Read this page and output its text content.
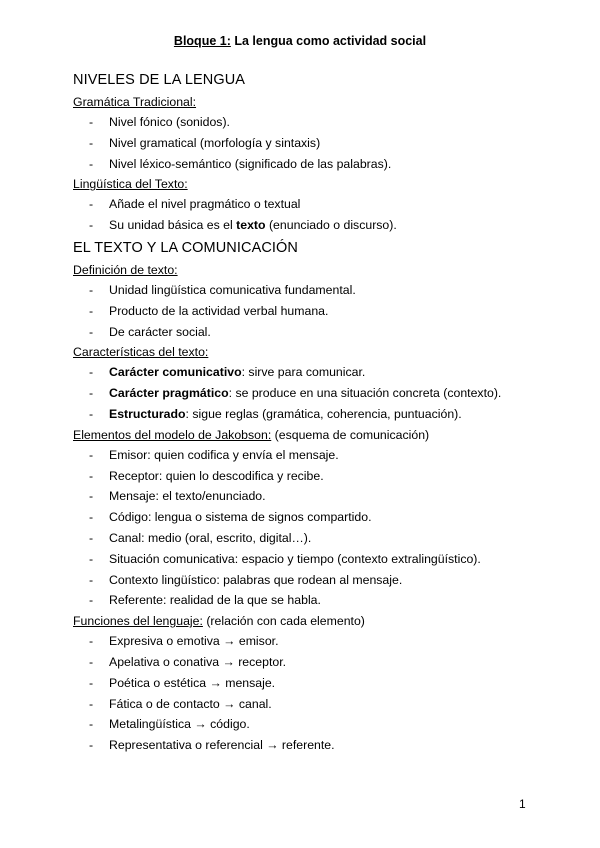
Bloque 1: La lengua como actividad social
NIVELES DE LA LENGUA
Gramática Tradicional:
- Nivel fónico (sonidos).
- Nivel gramatical (morfología y sintaxis)
- Nivel léxico-semántico (significado de las palabras).
Lingüística del Texto:
- Añade el nivel pragmático o textual
- Su unidad básica es el texto (enunciado o discurso).
EL TEXTO Y LA COMUNICACIÓN
Definición de texto:
- Unidad lingüística comunicativa fundamental.
- Producto de la actividad verbal humana.
- De carácter social.
Características del texto:
- Carácter comunicativo: sirve para comunicar.
- Carácter pragmático: se produce en una situación concreta (contexto).
- Estructurado: sigue reglas (gramática, coherencia, puntuación).
Elementos del modelo de Jakobson: (esquema de comunicación)
- Emisor: quien codifica y envía el mensaje.
- Receptor: quien lo descodifica y recibe.
- Mensaje: el texto/enunciado.
- Código: lengua o sistema de signos compartido.
- Canal: medio (oral, escrito, digital…).
- Situación comunicativa: espacio y tiempo (contexto extralingüístico).
- Contexto lingüístico: palabras que rodean al mensaje.
- Referente: realidad de la que se habla.
Funciones del lenguaje: (relación con cada elemento)
- Expresiva o emotiva → emisor.
- Apelativa o conativa → receptor.
- Poética o estética → mensaje.
- Fática o de contacto → canal.
- Metalingüística → código.
- Representativa o referencial → referente.
1
